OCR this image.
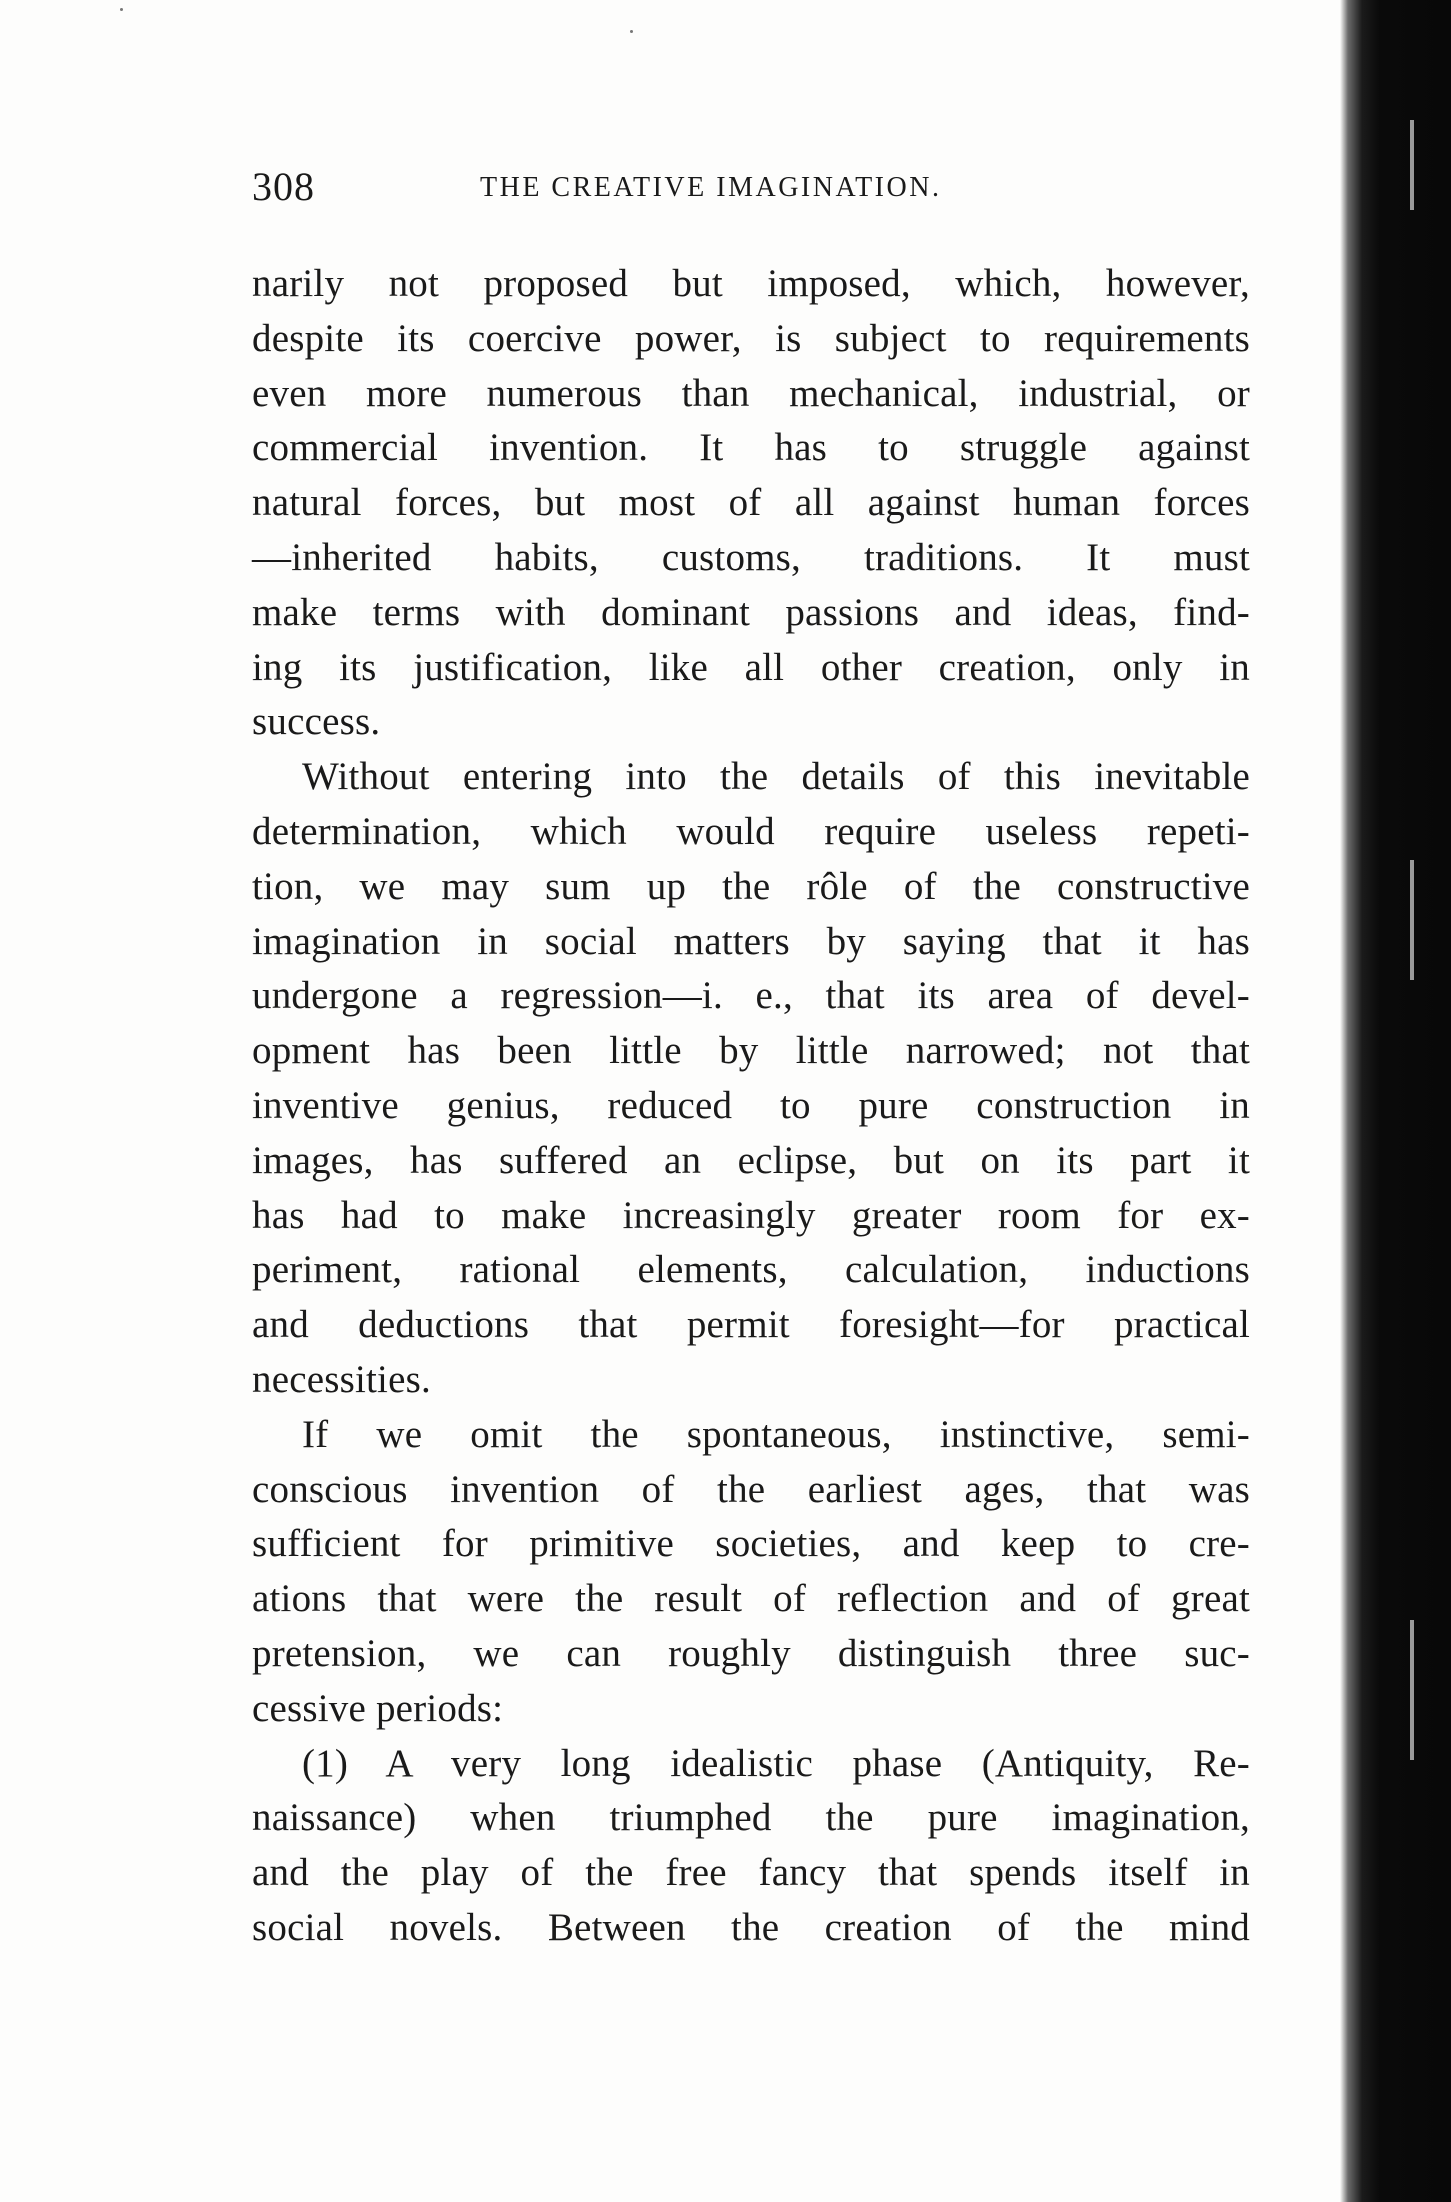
308	THE CREATIVE IMAGINATION.
narily not proposed but imposed, which, however,
despite its coercive power, is subject to requirements
even more numerous than mechanical, industrial, or
commercial invention. It has to struggle against
natural forces, but most of all against human forces
—inherited habits, customs, traditions. It must
make terms with dominant passions and ideas, find-
ing its justification, like all other creation, only in
success.
Without entering into the details of this inevitable
determination, which would require useless repeti-
tion, we may sum up the rôle of the constructive
imagination in social matters by saying that it has
undergone a regression—i. e., that its area of devel-
opment has been little by little narrowed; not that
inventive genius, reduced to pure construction in
images, has suffered an eclipse, but on its part it
has had to make increasingly greater room for ex-
periment, rational elements, calculation, inductions
and deductions that permit foresight—for practical
necessities.
If we omit the spontaneous, instinctive, semi-
conscious invention of the earliest ages, that was
sufficient for primitive societies, and keep to cre-
ations that were the result of reflection and of great
pretension, we can roughly distinguish three suc-
cessive periods:
(1) A very long idealistic phase (Antiquity, Re-
naissance) when triumphed the pure imagination,
and the play of the free fancy that spends itself in
social novels. Between the creation of the mind
